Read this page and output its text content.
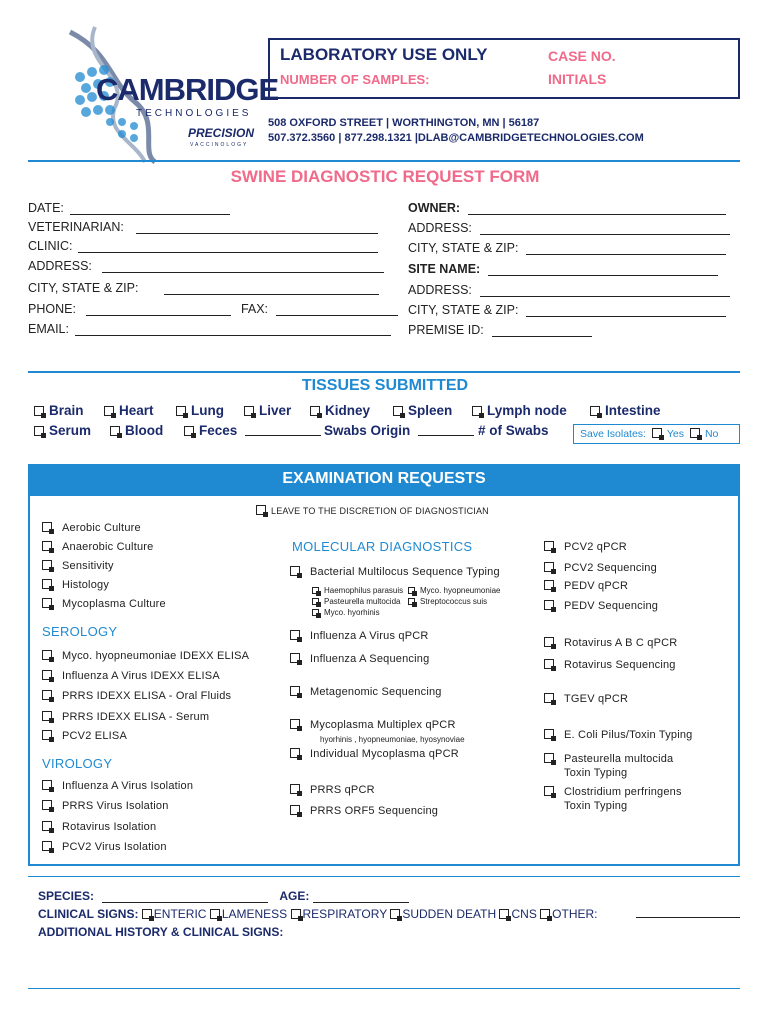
CAMBRIDGE
TECHNOLOGIES
PRECISION
VACCINOLOGY
LABORATORY USE ONLY	CASE NO.
NUMBER OF SAMPLES:	INITIALS
508 OXFORD STREET | WORTHINGTON, MN | 56187
507.372.3560 | 877.298.1321 |DLAB@CAMBRIDGETECHNOLOGIES.COM
SWINE DIAGNOSTIC REQUEST FORM
DATE:
VETERINARIAN:
CLINIC:
ADDRESS:
CITY, STATE & ZIP:
PHONE:	FAX:
EMAIL:
OWNER:
ADDRESS:
CITY, STATE & ZIP:
SITE NAME:
ADDRESS:
CITY, STATE & ZIP:
PREMISE ID:
TISSUES SUBMITTED
Brain	Heart	Lung	Liver	Kidney	Spleen	Lymph node	Intestine
Serum	Blood	Feces	Swabs Origin	# of Swabs	Save Isolates: Yes No
EXAMINATION REQUESTS
LEAVE TO THE DISCRETION OF DIAGNOSTICIAN
Aerobic Culture
Anaerobic Culture
Sensitivity
Histology
Mycoplasma Culture
SEROLOGY
Myco. hyopneumoniae IDEXX ELISA
Influenza A Virus IDEXX ELISA
PRRS IDEXX ELISA - Oral Fluids
PRRS IDEXX ELISA - Serum
PCV2 ELISA
VIROLOGY
Influenza A Virus Isolation
PRRS Virus Isolation
Rotavirus Isolation
PCV2 Virus Isolation
MOLECULAR DIAGNOSTICS
Bacterial Multilocus Sequence Typing
Haemophilus parasuis	Myco. hyopneumoniae
Pasteurella multocida	Streptococcus suis
Myco. hyorhinis
Influenza A Virus qPCR
Influenza A Sequencing
Metagenomic Sequencing
Mycoplasma Multiplex qPCR
hyorhinis , hyopneumoniae, hyosynoviae
Individual Mycoplasma qPCR
PRRS qPCR
PRRS ORF5 Sequencing
PCV2 qPCR
PCV2 Sequencing
PEDV qPCR
PEDV Sequencing
Rotavirus A B C qPCR
Rotavirus Sequencing
TGEV qPCR
E. Coli Pilus/Toxin Typing
Pasteurella multocida
Toxin Typing
Clostridium perfringens
Toxin Typing
SPECIES:	AGE:
CLINICAL SIGNS: ENTERIC LAMENESS RESPIRATORY SUDDEN DEATH CNS OTHER:
ADDITIONAL HISTORY & CLINICAL SIGNS:
